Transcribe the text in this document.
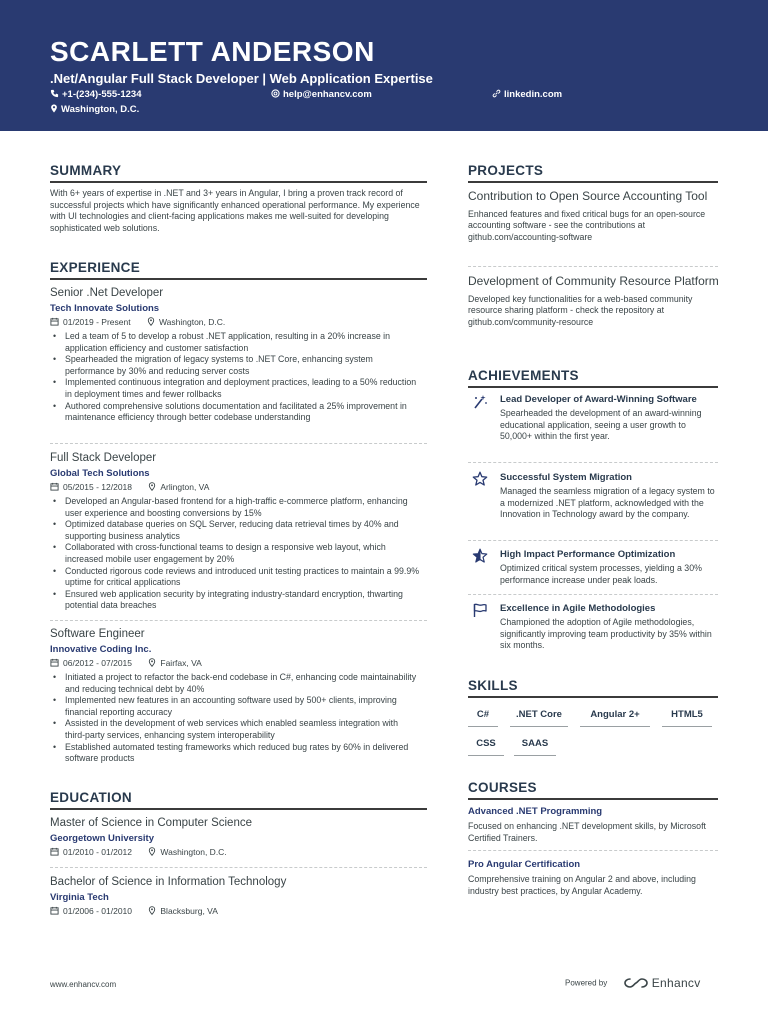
SCARLETT ANDERSON
.Net/Angular Full Stack Developer | Web Application Expertise
+1-(234)-555-1234	help@enhancv.com	linkedin.com
Washington, D.C.
SUMMARY
With 6+ years of expertise in .NET and 3+ years in Angular, I bring a proven track record of successful projects which have significantly enhanced operational performance. My experience with UI technologies and client-facing applications makes me well-suited for developing sophisticated web solutions.
EXPERIENCE
Senior .Net Developer
Tech Innovate Solutions
01/2019 - Present	Washington, D.C.
• Led a team of 5 to develop a robust .NET application, resulting in a 20% increase in application efficiency and customer satisfaction
• Spearheaded the migration of legacy systems to .NET Core, enhancing system performance by 30% and reducing server costs
• Implemented continuous integration and deployment practices, leading to a 50% reduction in deployment times and fewer rollbacks
• Authored comprehensive solutions documentation and facilitated a 25% improvement in maintenance efficiency through better codebase understanding
Full Stack Developer
Global Tech Solutions
05/2015 - 12/2018	Arlington, VA
• Developed an Angular-based frontend for a high-traffic e-commerce platform, enhancing user experience and boosting conversions by 15%
• Optimized database queries on SQL Server, reducing data retrieval times by 40% and supporting business analytics
• Collaborated with cross-functional teams to design a responsive web layout, which increased mobile user engagement by 20%
• Conducted rigorous code reviews and introduced unit testing practices to maintain a 99.9% uptime for critical applications
• Ensured web application security by integrating industry-standard encryption, thwarting potential data breaches
Software Engineer
Innovative Coding Inc.
06/2012 - 07/2015	Fairfax, VA
• Initiated a project to refactor the back-end codebase in C#, enhancing code maintainability and reducing technical debt by 40%
• Implemented new features in an accounting software used by 500+ clients, improving financial reporting accuracy
• Assisted in the development of web services which enabled seamless integration with third-party services, enhancing system interoperability
• Established automated testing frameworks which reduced bug rates by 60% in delivered software products
EDUCATION
Master of Science in Computer Science
Georgetown University
01/2010 - 01/2012	Washington, D.C.
Bachelor of Science in Information Technology
Virginia Tech
01/2006 - 01/2010	Blacksburg, VA
PROJECTS
Contribution to Open Source Accounting Tool
Enhanced features and fixed critical bugs for an open-source accounting software - see the contributions at github.com/accounting-software
Development of Community Resource Platform
Developed key functionalities for a web-based community resource sharing platform - check the repository at github.com/community-resource
ACHIEVEMENTS
Lead Developer of Award-Winning Software
Spearheaded the development of an award-winning educational application, seeing a user growth to 50,000+ within the first year.
Successful System Migration
Managed the seamless migration of a legacy system to a modernized .NET platform, acknowledged with the Innovation in Technology award by the company.
High Impact Performance Optimization
Optimized critical system processes, yielding a 30% performance increase under peak loads.
Excellence in Agile Methodologies
Championed the adoption of Agile methodologies, significantly improving team productivity by 35% within six months.
SKILLS
C#	.NET Core	Angular 2+	HTML5
CSS	SAAS
COURSES
Advanced .NET Programming
Focused on enhancing .NET development skills, by Microsoft Certified Trainers.
Pro Angular Certification
Comprehensive training on Angular 2 and above, including industry best practices, by Angular Academy.
www.enhancv.com	Powered by	Enhancv
